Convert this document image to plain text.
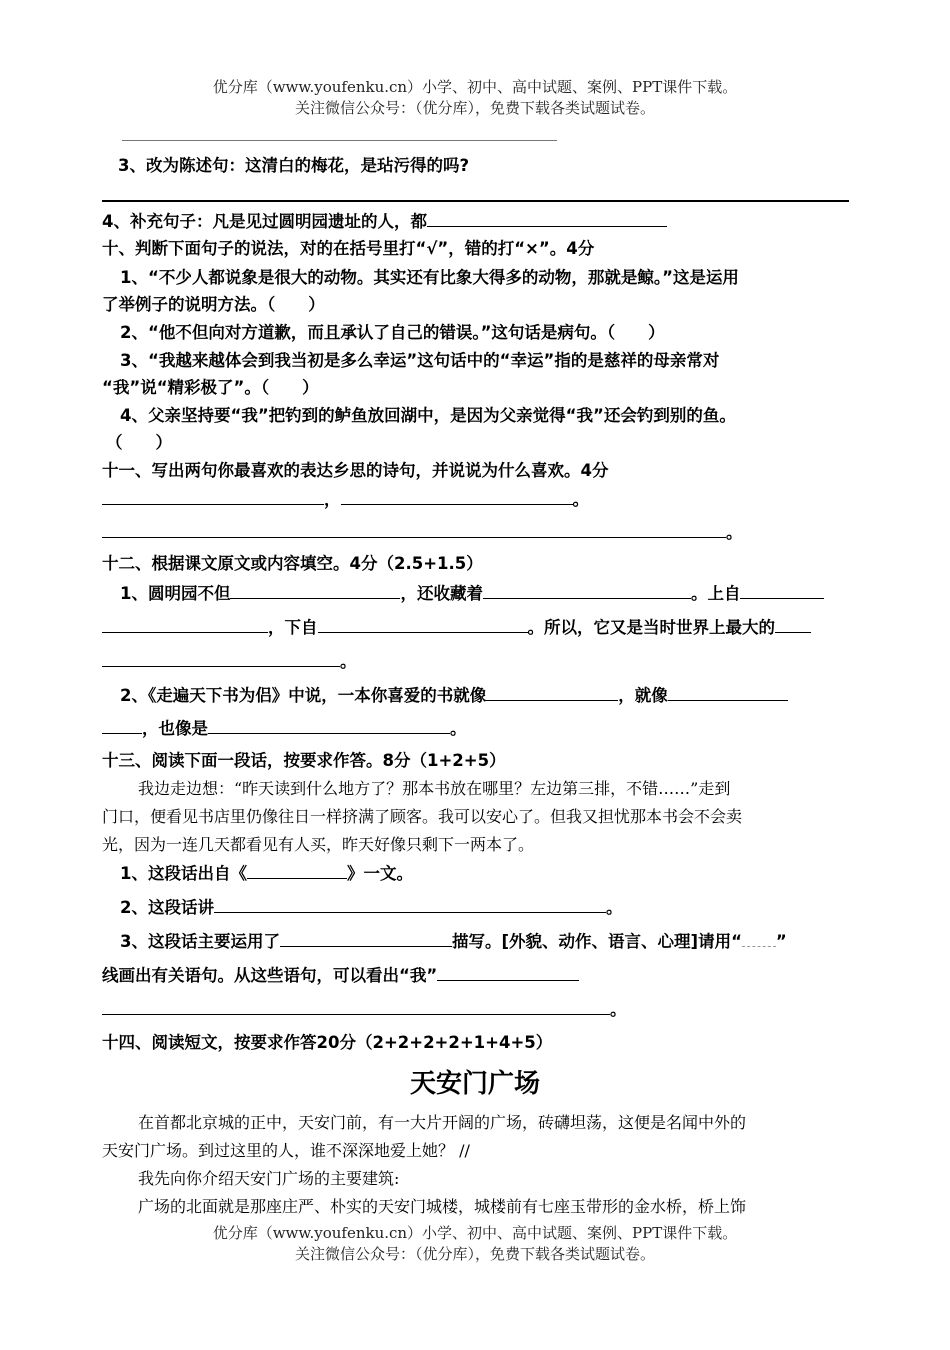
优分库（www.youfenku.cn）小学、初中、高中试题、案例、PPT课件下载。
关注微信公众号：（优分库），免费下载各类试题试卷。
3、改为陈述句：这清白的梅花，是玷污得的吗?
4、补充句子：凡是见过圆明园遗址的人，都
十、判断下面句子的说法，对的在括号里打“√”，错的打“×”。4分
1、“不少人都说象是很大的动物。其实还有比象大得多的动物，那就是鲸。”这是运用
了举例子的说明方法。（　　）
2、“他不但向对方道歉，而且承认了自己的错误。”这句话是病句。（　　）
3、“我越来越体会到我当初是多么幸运”这句话中的“幸运”指的是慈祥的母亲常对
“我”说“精彩极了”。（　　）
4、父亲坚持要“我”把钓到的鲈鱼放回湖中，是因为父亲觉得“我”还会钓到别的鱼。
（　　）
十一、写出两句你最喜欢的表达乡思的诗句，并说说为什么喜欢。4分
，	。
。
十二、根据课文原文或内容填空。4分（2.5+1.5）
1、圆明园不但	，还收藏着	。上自
，下自	。所以，它又是当时世界上最大的
。
2、《走遍天下书为侣》中说，一本你喜爱的书就像	，就像
，也像是	。
十三、阅读下面一段话，按要求作答。8分（1+2+5）
我边走边想：“昨天读到什么地方了？那本书放在哪里？左边第三排，不错……”走到
门口，便看见书店里仍像往日一样挤满了顾客。我可以安心了。但我又担忧那本书会不会卖
光，因为一连几天都看见有人买，昨天好像只剩下一两本了。
1、这段话出自《	》一文。
2、这段话讲	。
3、这段话主要运用了	描写。[外貌、动作、语言、心理]请用“ ”
线画出有关语句。从这些语句，可以看出“我”
。
十四、阅读短文，按要求作答20分（2+2+2+2+1+4+5）
天安门广场
在首都北京城的正中，天安门前，有一大片开阔的广场，砖礴坦荡，这便是名闻中外的
天安门广场。到过这里的人，谁不深深地爱上她？ //
我先向你介绍天安门广场的主要建筑:
广场的北面就是那座庄严、朴实的天安门城楼，城楼前有七座玉带形的金水桥，桥上饰
优分库（www.youfenku.cn）小学、初中、高中试题、案例、PPT课件下载。
关注微信公众号：（优分库），免费下载各类试题试卷。
